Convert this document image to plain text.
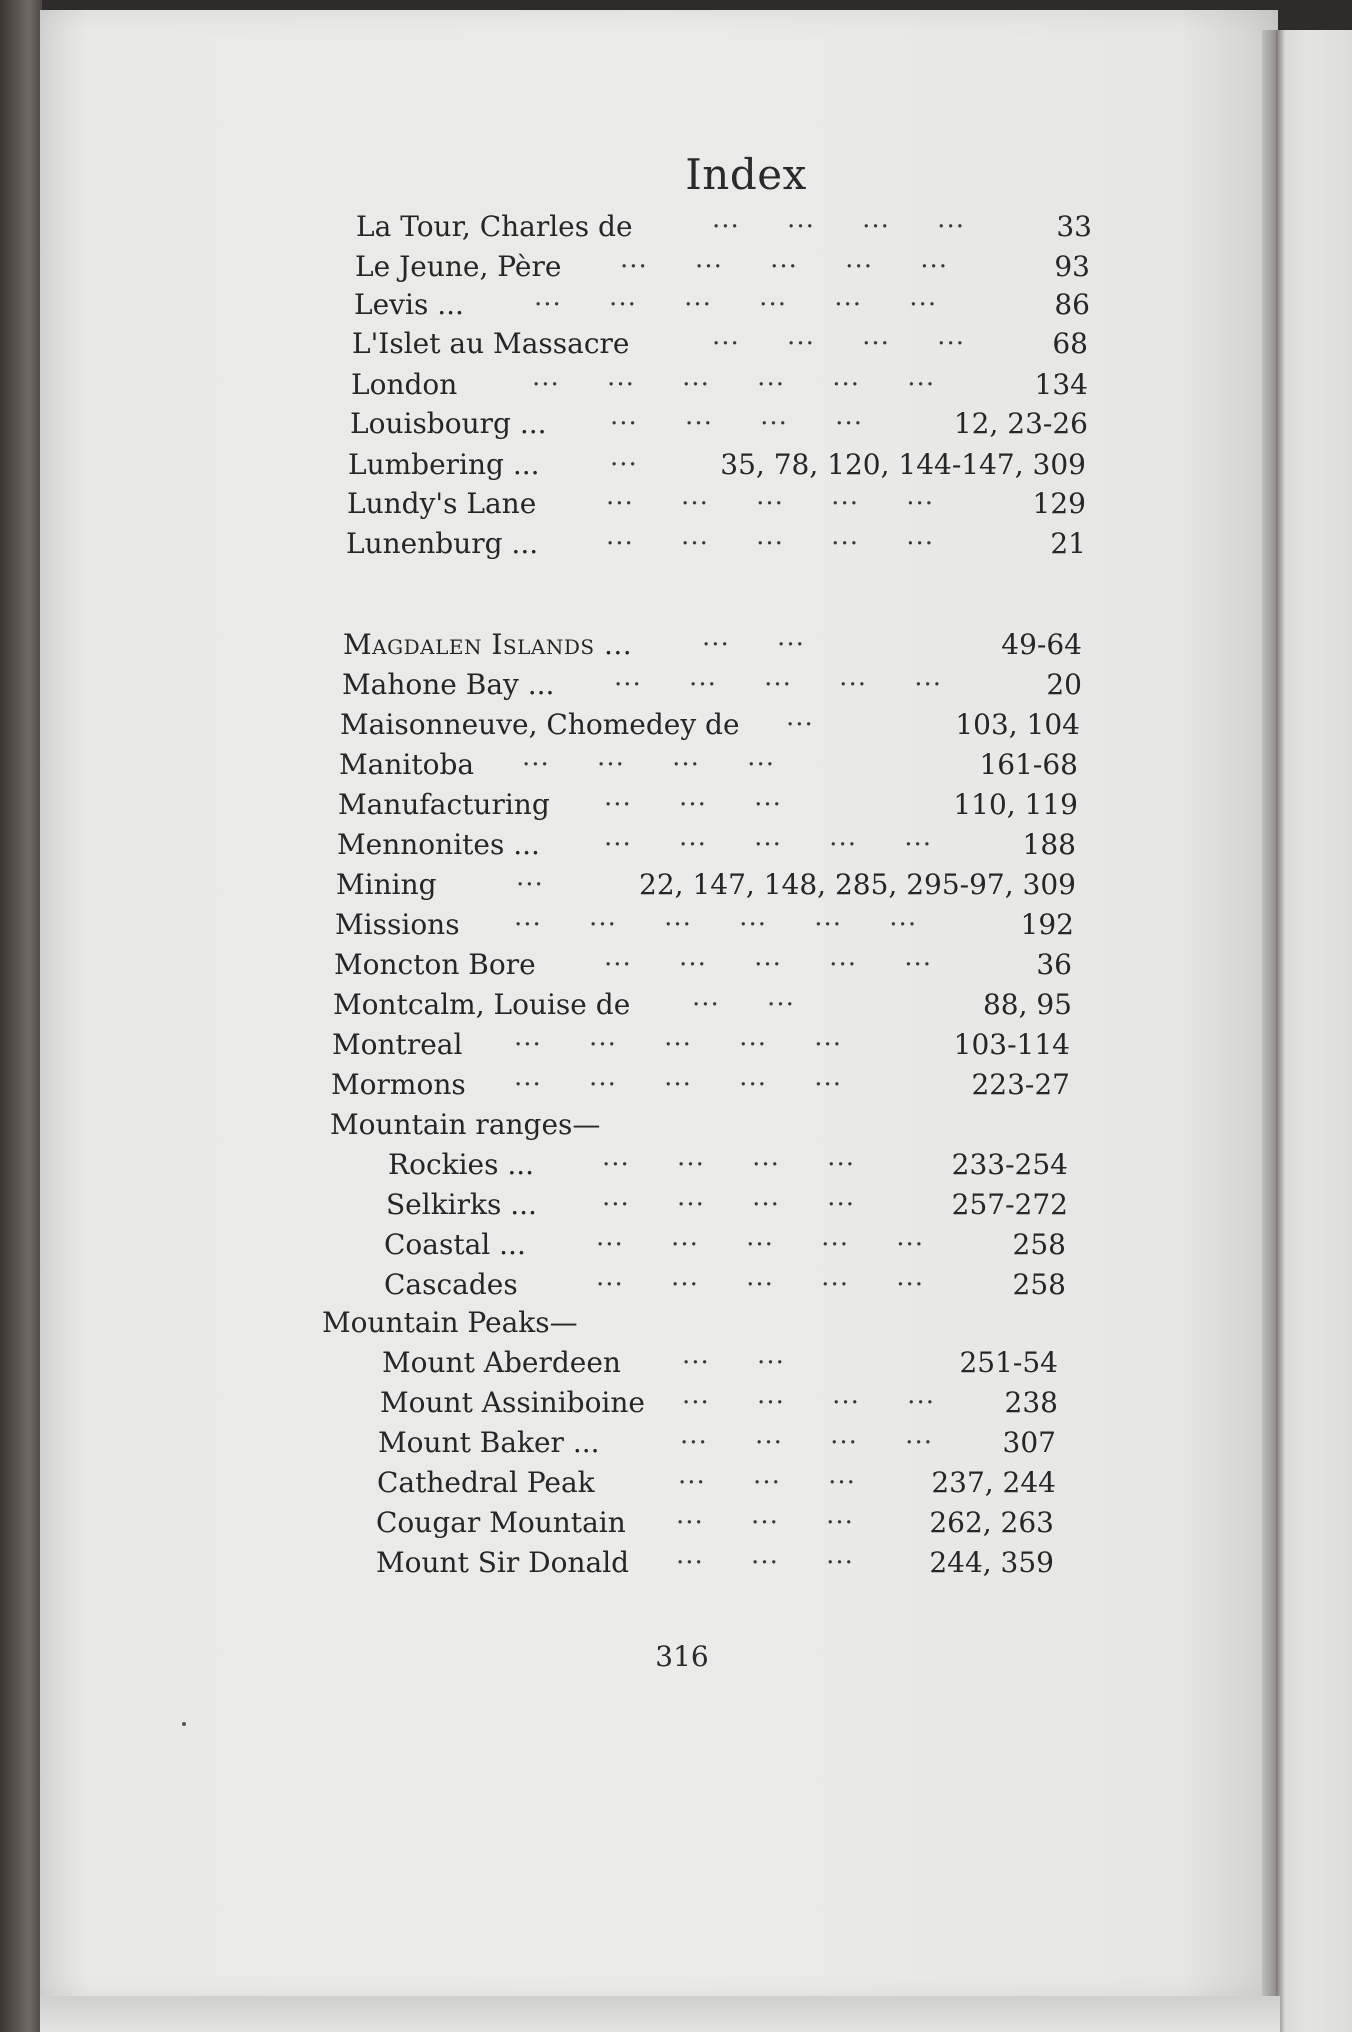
Index
La Tour, Charles de	... ... ... ...	33
Le Jeune, Père ... ... ... ... ...	93
Levis ...	... ... ... ... ... ...	86
L'Islet au Massacre	... ... ... ...	68
London	... ... ... ... ... ...	134
Louisbourg ... ... ... ... ...	12, 23-26
Lumbering ...	...	35, 78, 120, 144-147, 309
Lundy's Lane	... ... ... ... ...	129
Lunenburg ...	... ... ... ... ...	21
Magdalen Islands ...	... ...	49-64
Mahone Bay ... ... ... ... ... ...	20
Maisonneuve, Chomedey de ...	103, 104
Manitoba ... ... ... ...	161-68
Manufacturing ... ... ...	110, 119
Mennonites ... ... ... ... ... ...	188
Mining	...	22, 147, 148, 285, 295-97, 309
Missions ... ... ... ... ... ...	192
Moncton Bore	... ... ... ... ...	36
Montcalm, Louise de ... ...	88, 95
Montreal ... ... ... ... ...	103-114
Mormons ... ... ... ... ...	223-27
Mountain ranges—
Rockies ...	... ... ... ...	233-254
Selkirks ...	... ... ... ...	257-272
Coastal ...	... ... ... ... ...	258
Cascades	... ... ... ... ...	258
Mountain Peaks—
Mount Aberdeen ... ...	251-54
Mount Assiniboine ... ... ... ... 238
Mount Baker ...	... ... ... ... 307
Cathedral Peak	... ... ...	237, 244
Cougar Mountain ... ... ...	262, 263
Mount Sir Donald ... ... ...	244, 359
316
